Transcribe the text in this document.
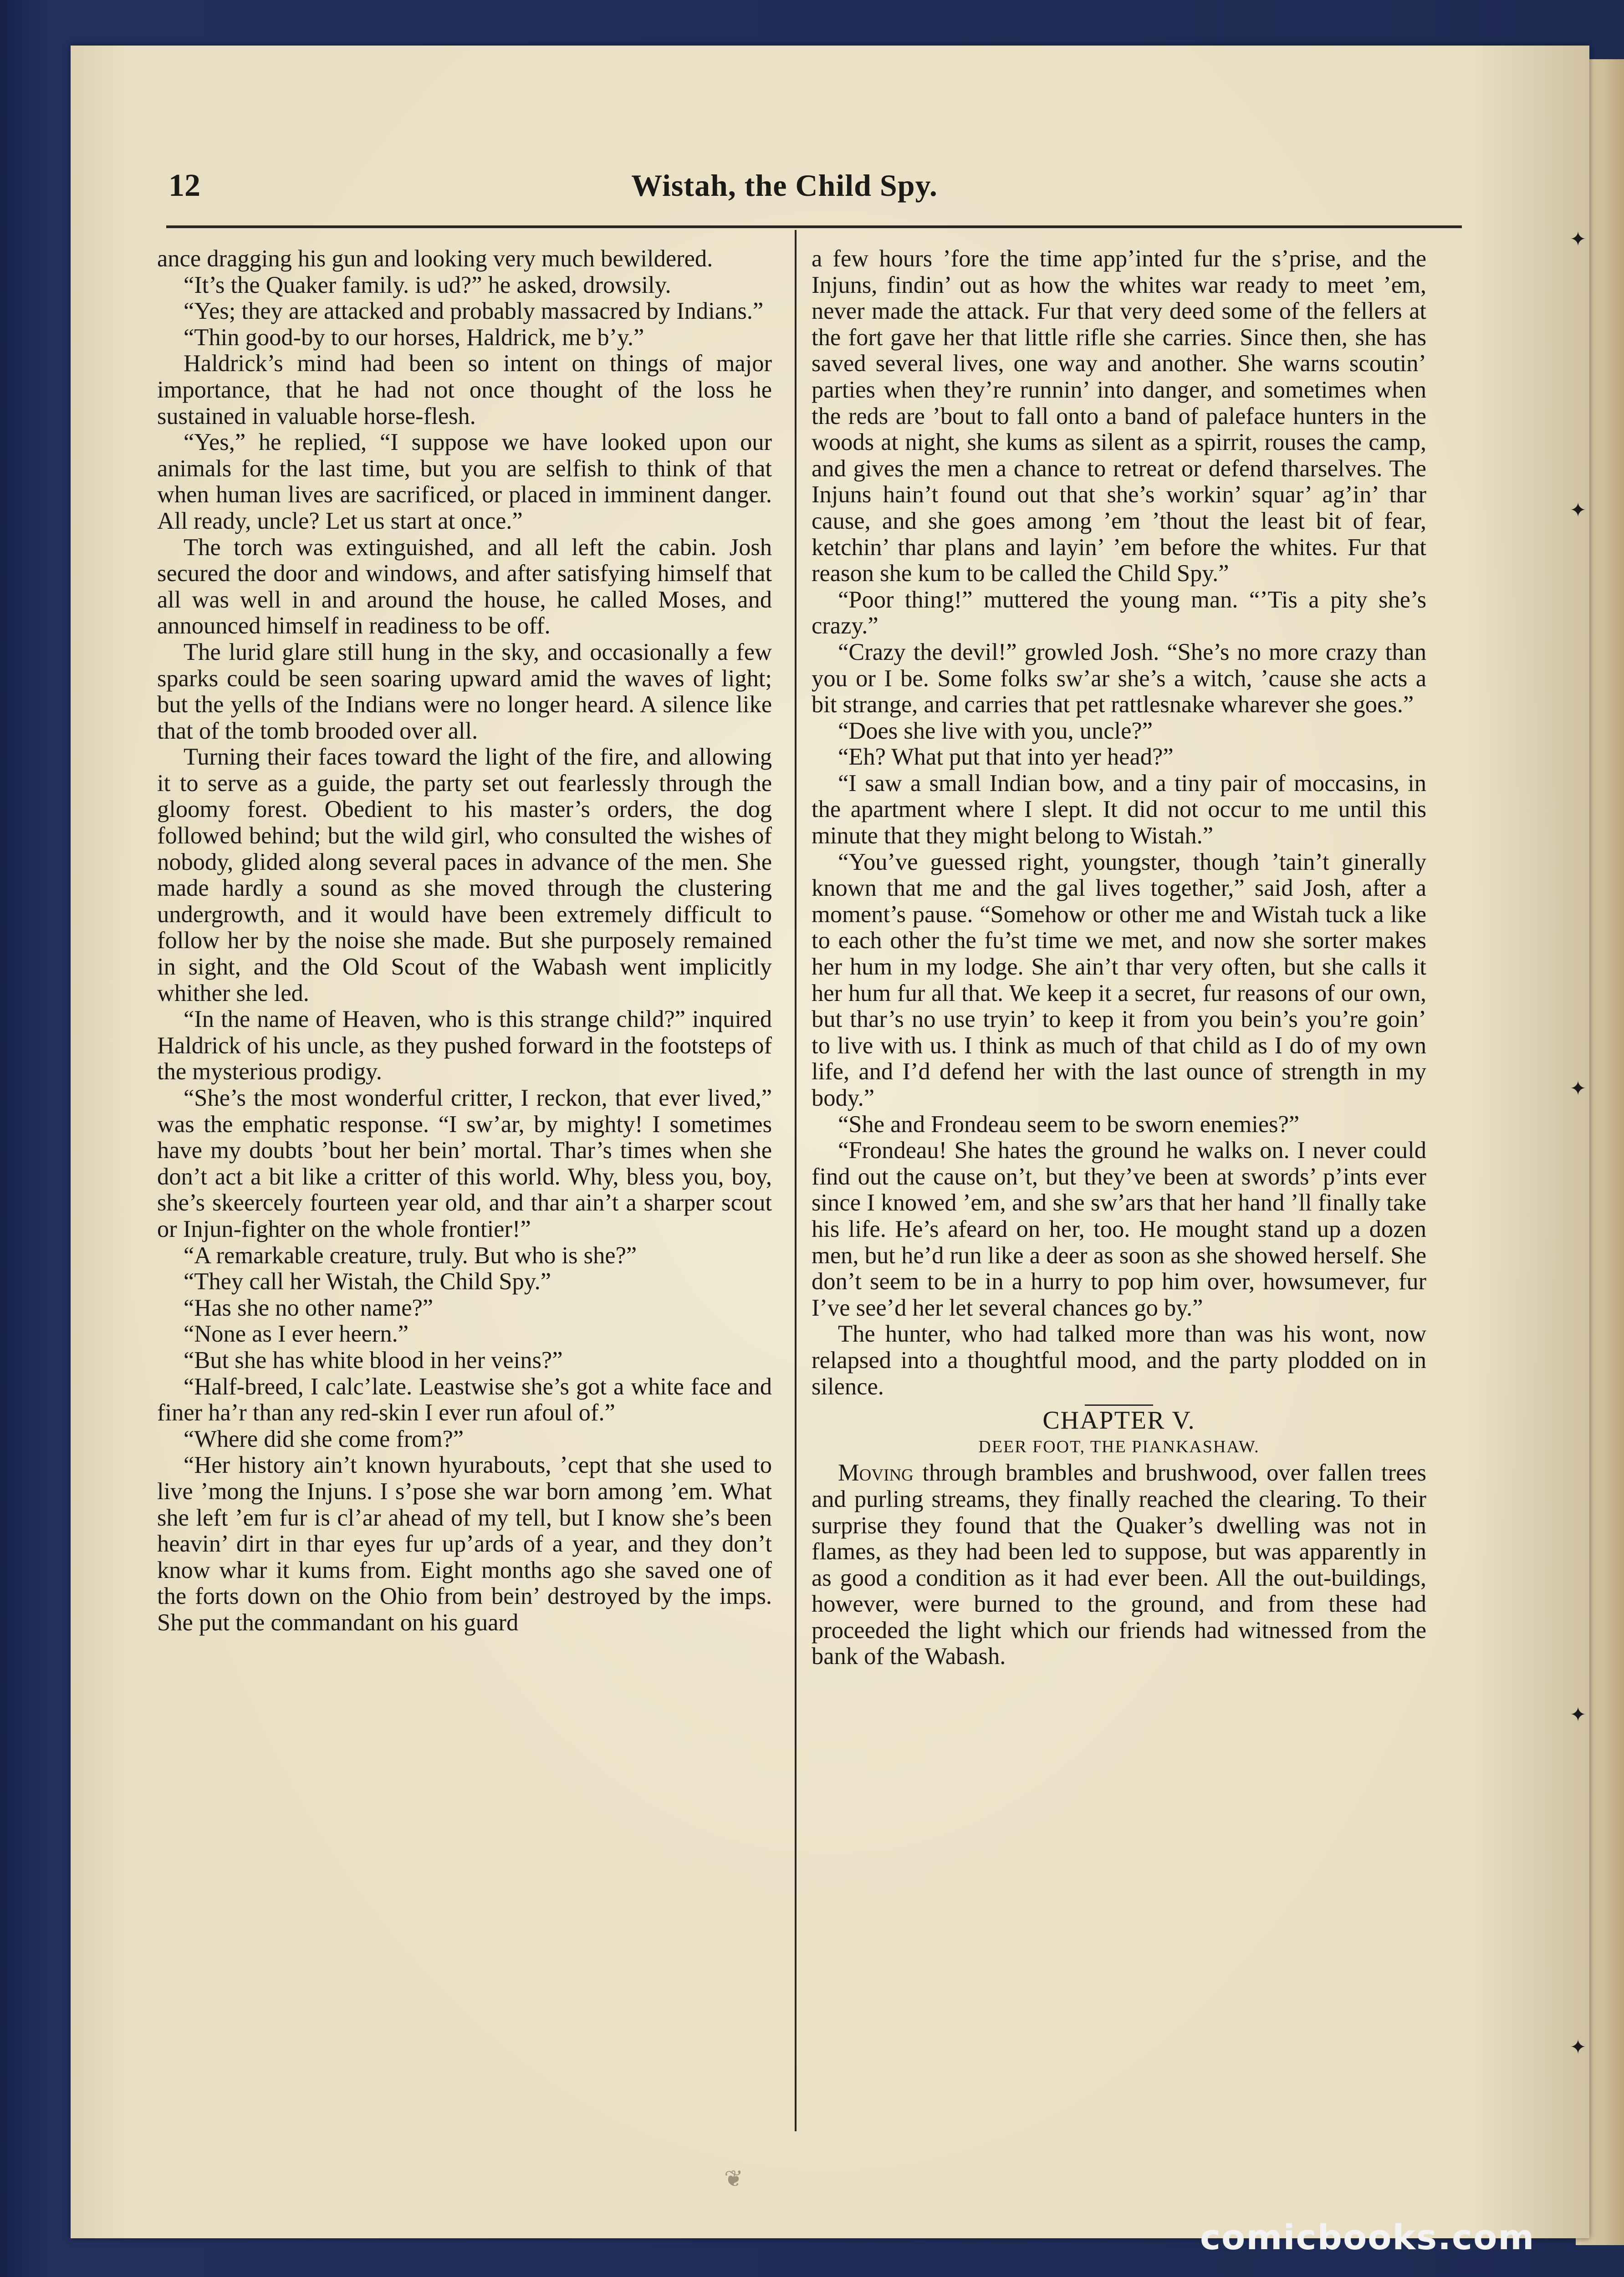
✦
✦
✦
✦
✦
12	Wistah, the Child Spy.

ance dragging his gun and looking very much bewildered.

“It’s the Quaker family. is ud?” he asked, drowsily.

“Yes; they are attacked and probably massacred by Indians.”

“Thin good-by to our horses, Haldrick, me b’y.”

Haldrick’s mind had been so intent on things of major importance, that he had not once thought of the loss he sustained in valuable horse-flesh.

“Yes,” he replied, “I suppose we have looked upon our animals for the last time, but you are selfish to think of that when human lives are sacrificed, or placed in imminent danger. All ready, uncle? Let us start at once.”

The torch was extinguished, and all left the cabin. Josh secured the door and windows, and after satisfying himself that all was well in and around the house, he called Moses, and announced himself in readiness to be off.

The lurid glare still hung in the sky, and occasionally a few sparks could be seen soaring upward amid the waves of light; but the yells of the Indians were no longer heard. A silence like that of the tomb brooded over all.

Turning their faces toward the light of the fire, and allowing it to serve as a guide, the party set out fearlessly through the gloomy forest. Obedient to his master’s orders, the dog followed behind; but the wild girl, who consulted the wishes of nobody, glided along several paces in advance of the men. She made hardly a sound as she moved through the clustering undergrowth, and it would have been extremely difficult to follow her by the noise she made. But she purposely remained in sight, and the Old Scout of the Wabash went implicitly whither she led.

“In the name of Heaven, who is this strange child?” inquired Haldrick of his uncle, as they pushed forward in the footsteps of the mysterious prodigy.

“She’s the most wonderful critter, I reckon, that ever lived,” was the emphatic response. “I sw’ar, by mighty! I sometimes have my doubts ’bout her bein’ mortal. Thar’s times when she don’t act a bit like a critter of this world. Why, bless you, boy, she’s skeercely fourteen year old, and thar ain’t a sharper scout or Injun-fighter on the whole frontier!”

“A remarkable creature, truly. But who is she?”

“They call her Wistah, the Child Spy.”

“Has she no other name?”

“None as I ever heern.”

“But she has white blood in her veins?”

“Half-breed, I calc’late. Leastwise she’s got a white face and finer ha’r than any red-skin I ever run afoul of.”

“Where did she come from?”

“Her history ain’t known hyurabouts, ’cept that she used to live ’mong the Injuns. I s’pose she war born among ’em. What she left ’em fur is cl’ar ahead of my tell, but I know she’s been heavin’ dirt in thar eyes fur up’ards of a year, and they don’t know whar it kums from. Eight months ago she saved one of the forts down on the Ohio from bein’ destroyed by the imps. She put the commandant on his guard

a few hours ’fore the time app’inted fur the s’prise, and the Injuns, findin’ out as how the whites war ready to meet ’em, never made the attack. Fur that very deed some of the fellers at the fort gave her that little rifle she carries. Since then, she has saved several lives, one way and another. She warns scoutin’ parties when they’re runnin’ into danger, and sometimes when the reds are ’bout to fall onto a band of paleface hunters in the woods at night, she kums as silent as a spirrit, rouses the camp, and gives the men a chance to retreat or defend tharselves. The Injuns hain’t found out that she’s workin’ squar’ ag’in’ thar cause, and she goes among ’em ’thout the least bit of fear, ketchin’ thar plans and layin’ ’em before the whites. Fur that reason she kum to be called the Child Spy.”

“Poor thing!” muttered the young man. “’Tis a pity she’s crazy.”

“Crazy the devil!” growled Josh. “She’s no more crazy than you or I be. Some folks sw’ar she’s a witch, ’cause she acts a bit strange, and carries that pet rattlesnake wharever she goes.”

“Does she live with you, uncle?”

“Eh? What put that into yer head?”

“I saw a small Indian bow, and a tiny pair of moccasins, in the apartment where I slept. It did not occur to me until this minute that they might belong to Wistah.”

“You’ve guessed right, youngster, though ’tain’t ginerally known that me and the gal lives together,” said Josh, after a moment’s pause. “Somehow or other me and Wistah tuck a like to each other the fu’st time we met, and now she sorter makes her hum in my lodge. She ain’t thar very often, but she calls it her hum fur all that. We keep it a secret, fur reasons of our own, but thar’s no use tryin’ to keep it from you bein’s you’re goin’ to live with us. I think as much of that child as I do of my own life, and I’d defend her with the last ounce of strength in my body.”

“She and Frondeau seem to be sworn enemies?”

“Frondeau! She hates the ground he walks on. I never could find out the cause on’t, but they’ve been at swords’ p’ints ever since I knowed ’em, and she sw’ars that her hand ’ll finally take his life. He’s afeard on her, too. He mought stand up a dozen men, but he’d run like a deer as soon as she showed herself. She don’t seem to be in a hurry to pop him over, howsumever, fur I’ve see’d her let several chances go by.”

The hunter, who had talked more than was his wont, now relapsed into a thoughtful mood, and the party plodded on in silence.

CHAPTER V.

DEER FOOT, THE PIANKASHAW.

Moving through brambles and brushwood, over fallen trees and purling streams, they finally reached the clearing. To their surprise they found that the Quaker’s dwelling was not in flames, as they had been led to suppose, but was apparently in as good a condition as it had ever been. All the out-buildings, however, were burned to the ground, and from these had proceeded the light which our friends had witnessed from the bank of the Wabash.

❦
comicbooks.com
